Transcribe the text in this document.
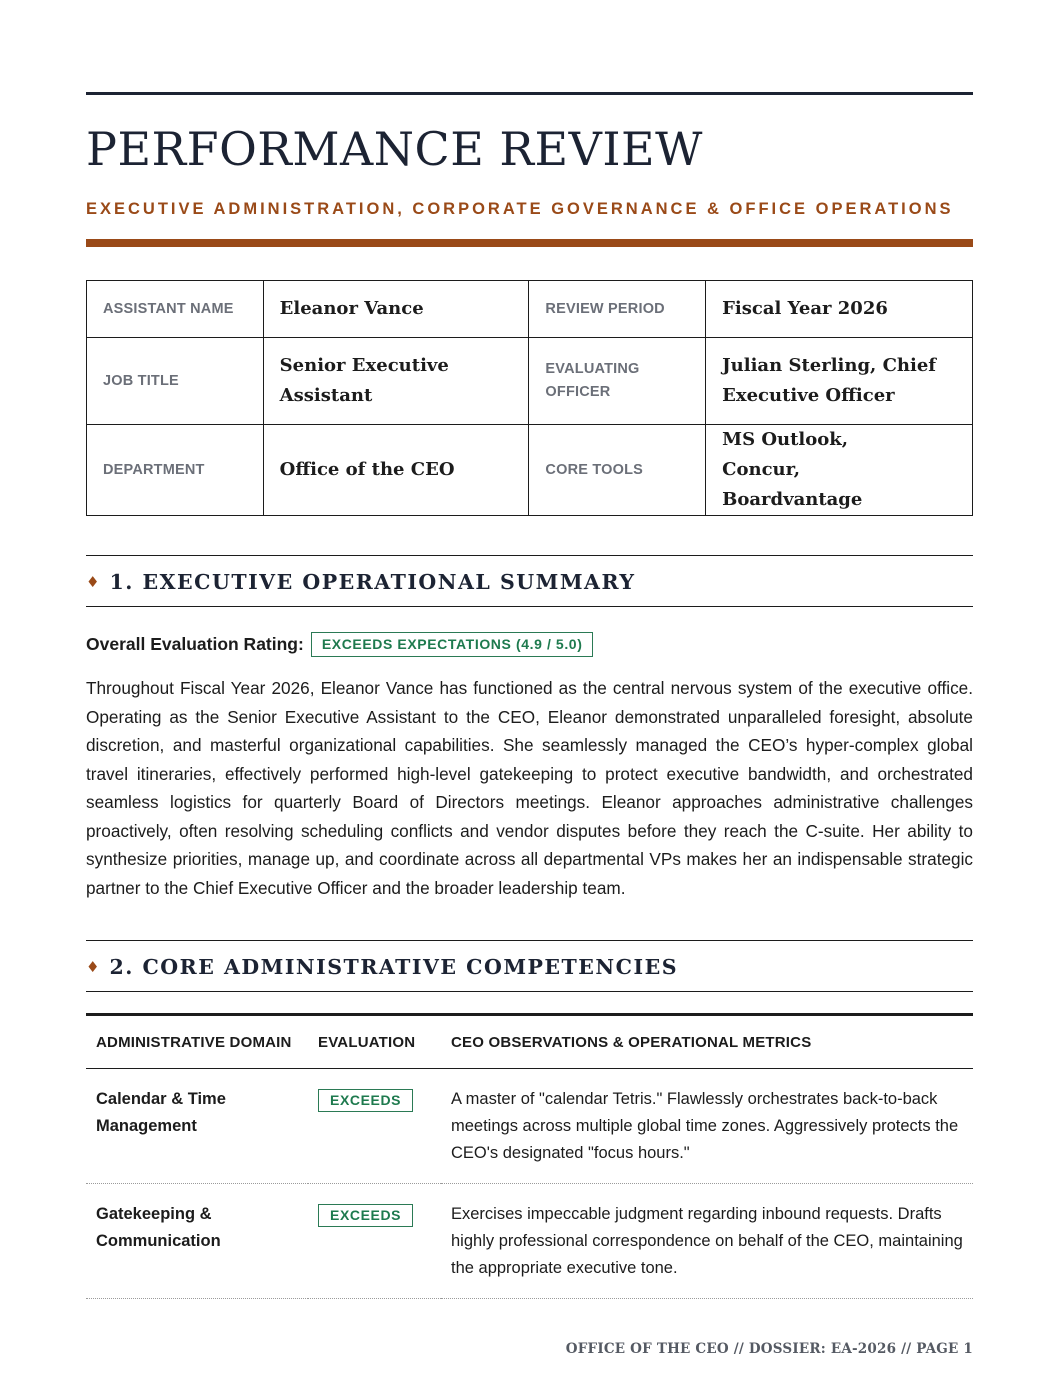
PERFORMANCE REVIEW
EXECUTIVE ADMINISTRATION, CORPORATE GOVERNANCE & OFFICE OPERATIONS
ASSISTANT NAME	Eleanor Vance	REVIEW PERIOD	Fiscal Year 2026
JOB TITLE	Senior Executive Assistant	EVALUATING OFFICER	Julian Sterling, Chief Executive Officer

DEPARTMENT	Office of the CEO	CORE TOOLS	MS Outlook, Concur, Boardvantage
♦ 1. EXECUTIVE OPERATIONAL SUMMARY
Overall Evaluation Rating:	EXCEEDS EXPECTATIONS (4.9 / 5.0)

Throughout Fiscal Year 2026, Eleanor Vance has functioned as the central nervous system of the executive office. Operating as the Senior Executive Assistant to the CEO, Eleanor demonstrated unparalleled foresight, absolute discretion, and masterful organizational capabilities. She seamlessly managed the CEO’s hyper-complex global travel itineraries, effectively performed high-level gatekeeping to protect executive bandwidth, and orchestrated seamless logistics for quarterly Board of Directors meetings. Eleanor approaches administrative challenges proactively, often resolving scheduling conflicts and vendor disputes before they reach the C-suite. Her ability to synthesize priorities, manage up, and coordinate across all departmental VPs makes her an indispensable strategic partner to the Chief Executive Officer and the broader leadership team.

♦ 2. CORE ADMINISTRATIVE COMPETENCIES
ADMINISTRATIVE DOMAIN	EVALUATION	CEO OBSERVATIONS & OPERATIONAL METRICS

Calendar & Time Management	EXCEEDS	A master of "calendar Tetris." Flawlessly orchestrates back-to-back meetings across multiple global time zones. Aggressively protects the CEO's designated "focus hours."

Gatekeeping & Communication	EXCEEDS	Exercises impeccable judgment regarding inbound requests. Drafts highly professional correspondence on behalf of the CEO, maintaining the appropriate executive tone.
OFFICE OF THE CEO // DOSSIER: EA-2026 // PAGE 1
